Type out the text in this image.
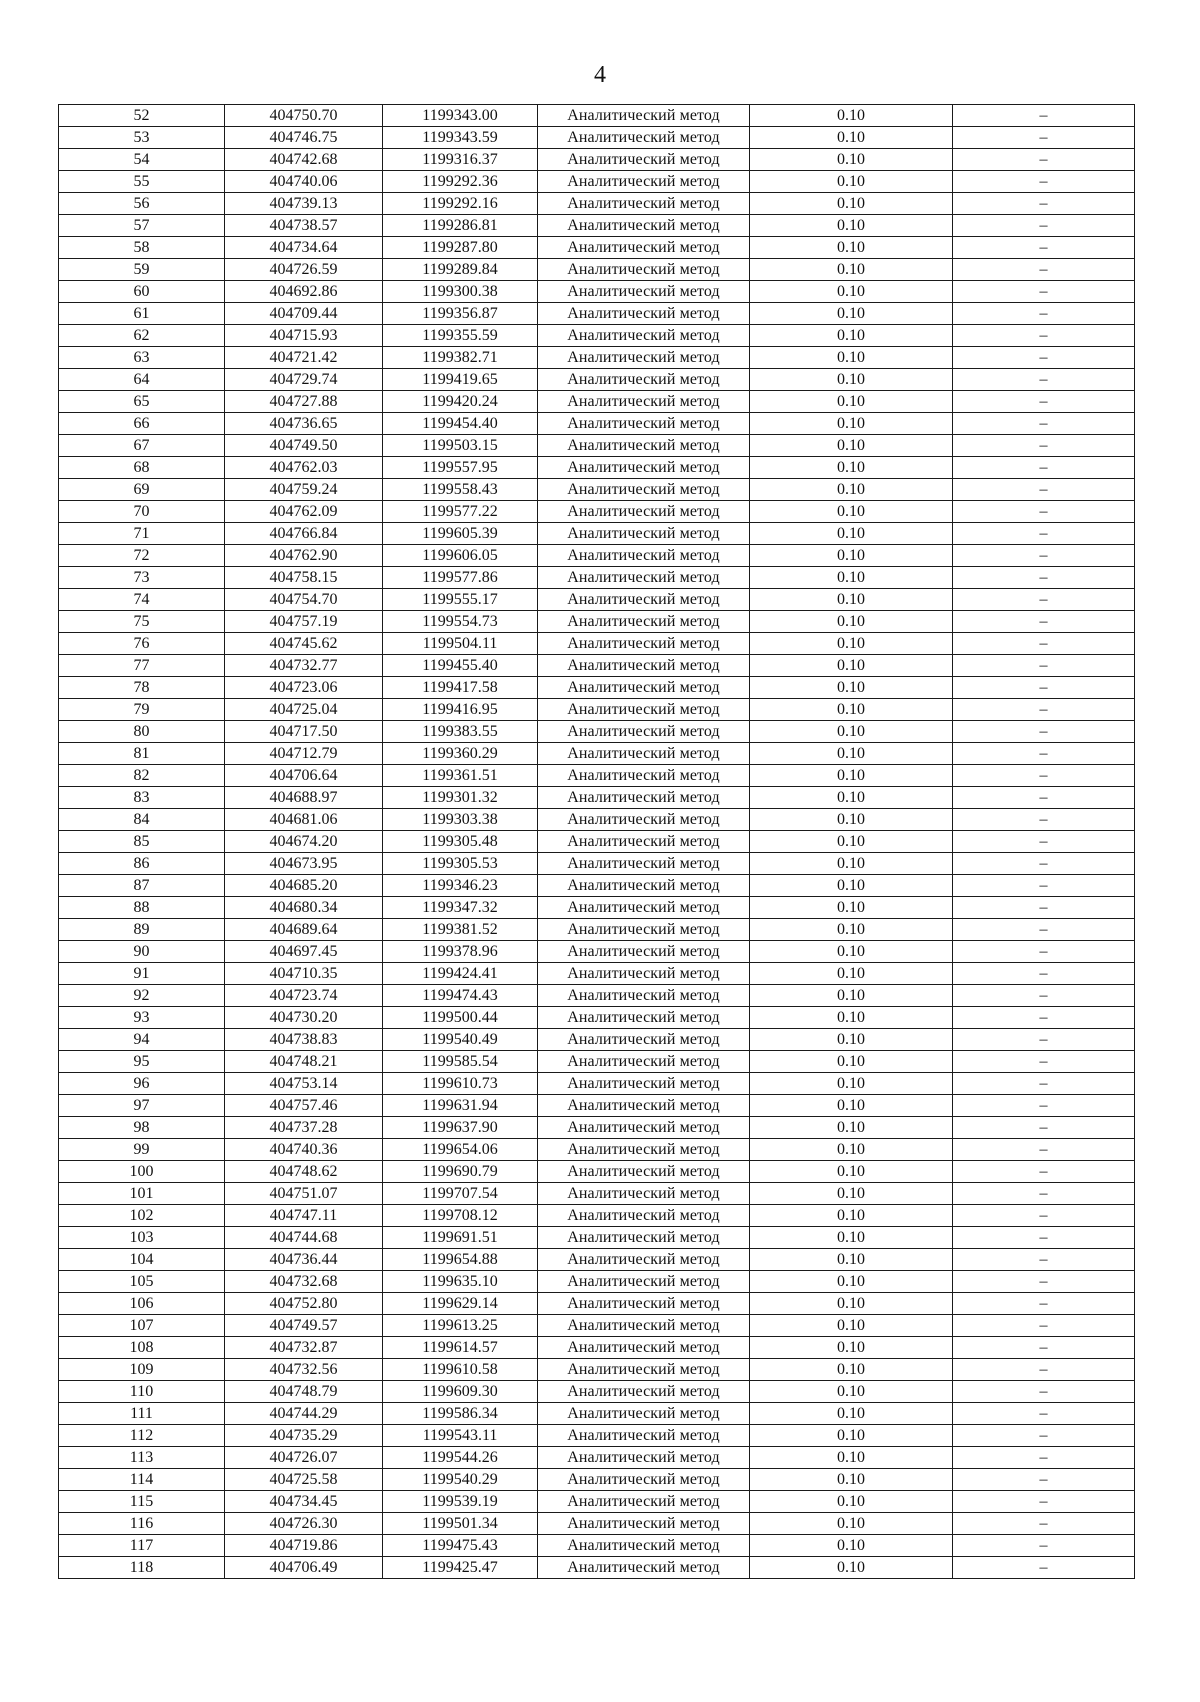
4
52	404750.70	1199343.00	Аналитический метод	0.10	–
53	404746.75	1199343.59	Аналитический метод	0.10	–
54	404742.68	1199316.37	Аналитический метод	0.10	–
55	404740.06	1199292.36	Аналитический метод	0.10	–
56	404739.13	1199292.16	Аналитический метод	0.10	–
57	404738.57	1199286.81	Аналитический метод	0.10	–
58	404734.64	1199287.80	Аналитический метод	0.10	–
59	404726.59	1199289.84	Аналитический метод	0.10	–
60	404692.86	1199300.38	Аналитический метод	0.10	–
61	404709.44	1199356.87	Аналитический метод	0.10	–
62	404715.93	1199355.59	Аналитический метод	0.10	–
63	404721.42	1199382.71	Аналитический метод	0.10	–
64	404729.74	1199419.65	Аналитический метод	0.10	–
65	404727.88	1199420.24	Аналитический метод	0.10	–
66	404736.65	1199454.40	Аналитический метод	0.10	–
67	404749.50	1199503.15	Аналитический метод	0.10	–
68	404762.03	1199557.95	Аналитический метод	0.10	–
69	404759.24	1199558.43	Аналитический метод	0.10	–
70	404762.09	1199577.22	Аналитический метод	0.10	–
71	404766.84	1199605.39	Аналитический метод	0.10	–
72	404762.90	1199606.05	Аналитический метод	0.10	–
73	404758.15	1199577.86	Аналитический метод	0.10	–
74	404754.70	1199555.17	Аналитический метод	0.10	–
75	404757.19	1199554.73	Аналитический метод	0.10	–
76	404745.62	1199504.11	Аналитический метод	0.10	–
77	404732.77	1199455.40	Аналитический метод	0.10	–
78	404723.06	1199417.58	Аналитический метод	0.10	–
79	404725.04	1199416.95	Аналитический метод	0.10	–
80	404717.50	1199383.55	Аналитический метод	0.10	–
81	404712.79	1199360.29	Аналитический метод	0.10	–
82	404706.64	1199361.51	Аналитический метод	0.10	–
83	404688.97	1199301.32	Аналитический метод	0.10	–
84	404681.06	1199303.38	Аналитический метод	0.10	–
85	404674.20	1199305.48	Аналитический метод	0.10	–
86	404673.95	1199305.53	Аналитический метод	0.10	–
87	404685.20	1199346.23	Аналитический метод	0.10	–
88	404680.34	1199347.32	Аналитический метод	0.10	–
89	404689.64	1199381.52	Аналитический метод	0.10	–
90	404697.45	1199378.96	Аналитический метод	0.10	–
91	404710.35	1199424.41	Аналитический метод	0.10	–
92	404723.74	1199474.43	Аналитический метод	0.10	–
93	404730.20	1199500.44	Аналитический метод	0.10	–
94	404738.83	1199540.49	Аналитический метод	0.10	–
95	404748.21	1199585.54	Аналитический метод	0.10	–
96	404753.14	1199610.73	Аналитический метод	0.10	–
97	404757.46	1199631.94	Аналитический метод	0.10	–
98	404737.28	1199637.90	Аналитический метод	0.10	–
99	404740.36	1199654.06	Аналитический метод	0.10	–
100	404748.62	1199690.79	Аналитический метод	0.10	–
101	404751.07	1199707.54	Аналитический метод	0.10	–
102	404747.11	1199708.12	Аналитический метод	0.10	–
103	404744.68	1199691.51	Аналитический метод	0.10	–
104	404736.44	1199654.88	Аналитический метод	0.10	–
105	404732.68	1199635.10	Аналитический метод	0.10	–
106	404752.80	1199629.14	Аналитический метод	0.10	–
107	404749.57	1199613.25	Аналитический метод	0.10	–
108	404732.87	1199614.57	Аналитический метод	0.10	–
109	404732.56	1199610.58	Аналитический метод	0.10	–
110	404748.79	1199609.30	Аналитический метод	0.10	–
111	404744.29	1199586.34	Аналитический метод	0.10	–
112	404735.29	1199543.11	Аналитический метод	0.10	–
113	404726.07	1199544.26	Аналитический метод	0.10	–
114	404725.58	1199540.29	Аналитический метод	0.10	–
115	404734.45	1199539.19	Аналитический метод	0.10	–
116	404726.30	1199501.34	Аналитический метод	0.10	–
117	404719.86	1199475.43	Аналитический метод	0.10	–
118	404706.49	1199425.47	Аналитический метод	0.10	–
